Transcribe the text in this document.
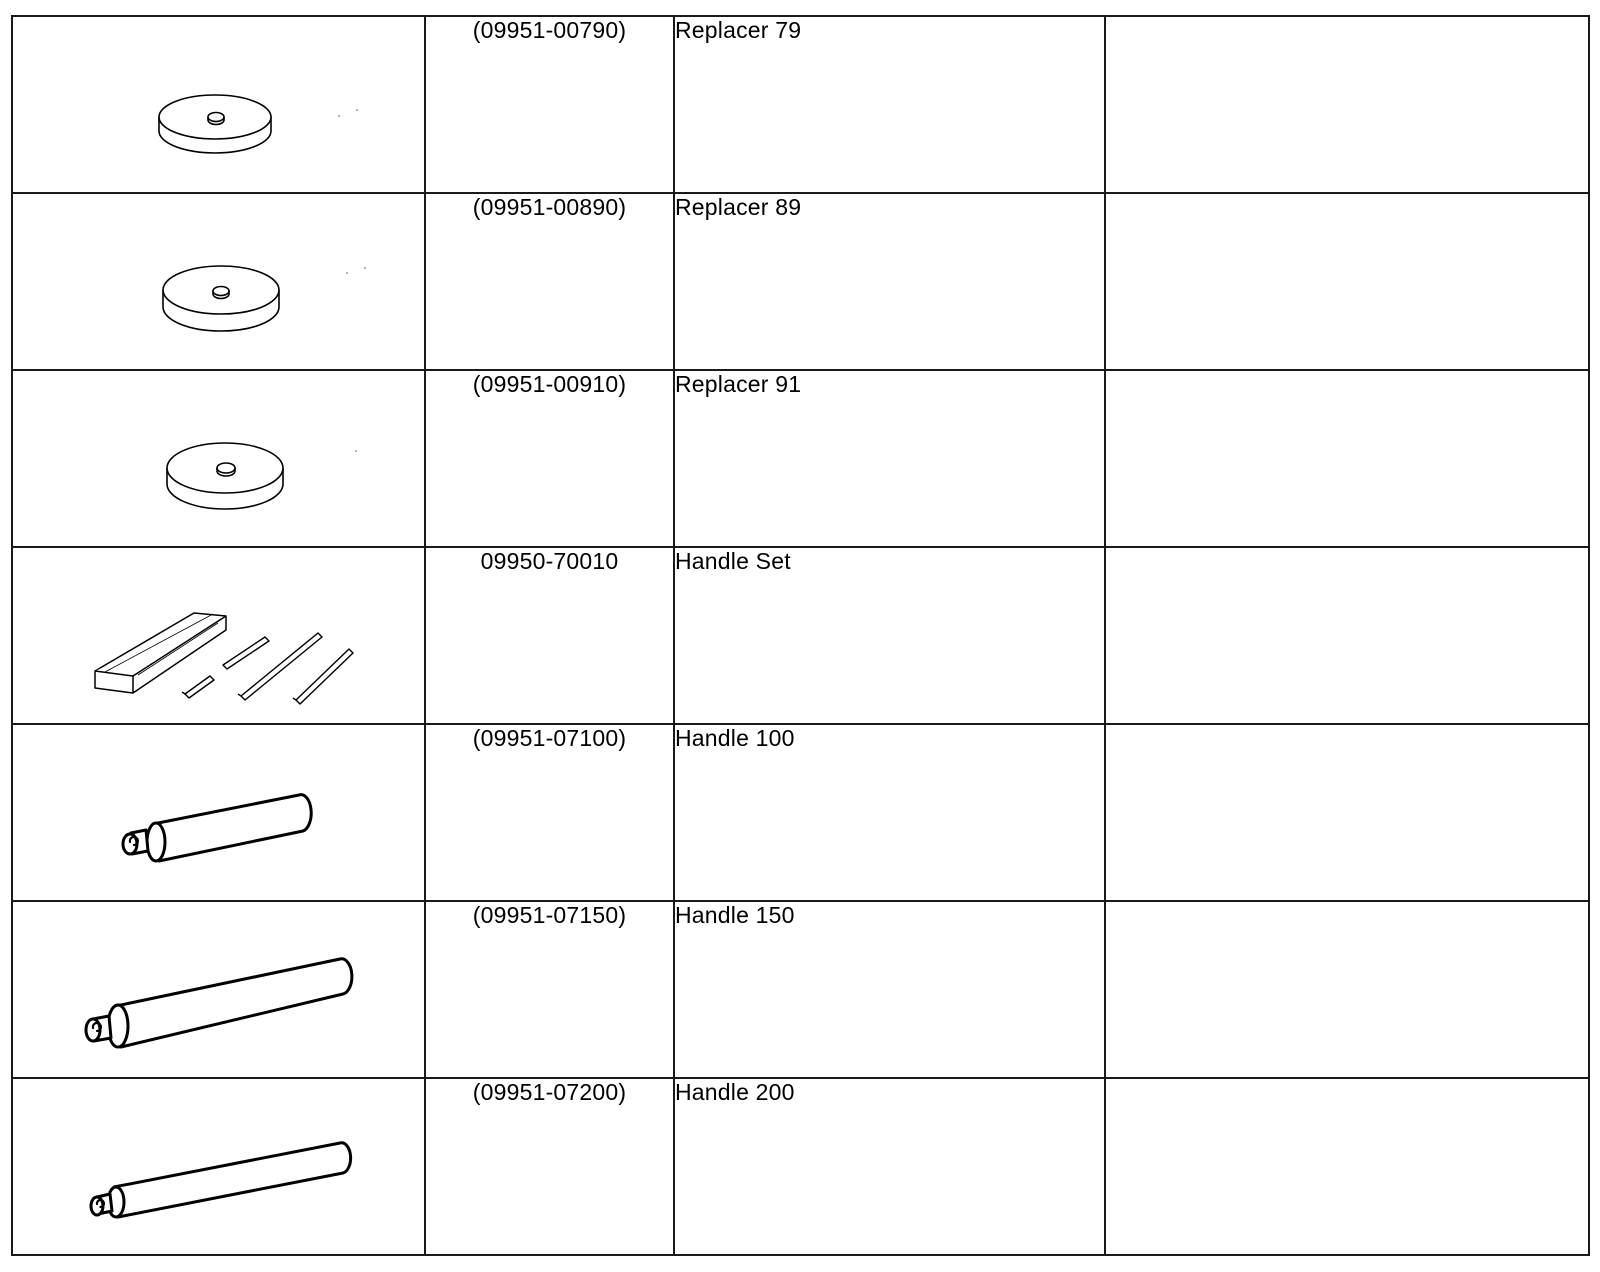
	(09951-00790)	Replacer 79	

	(09951-00890)	Replacer 89	

	(09951-00910)	Replacer 91	

	09950-70010	Handle Set	

	(09951-07100)	Handle 100	

	(09951-07150)	Handle 150	

	(09951-07200)	Handle 200	
